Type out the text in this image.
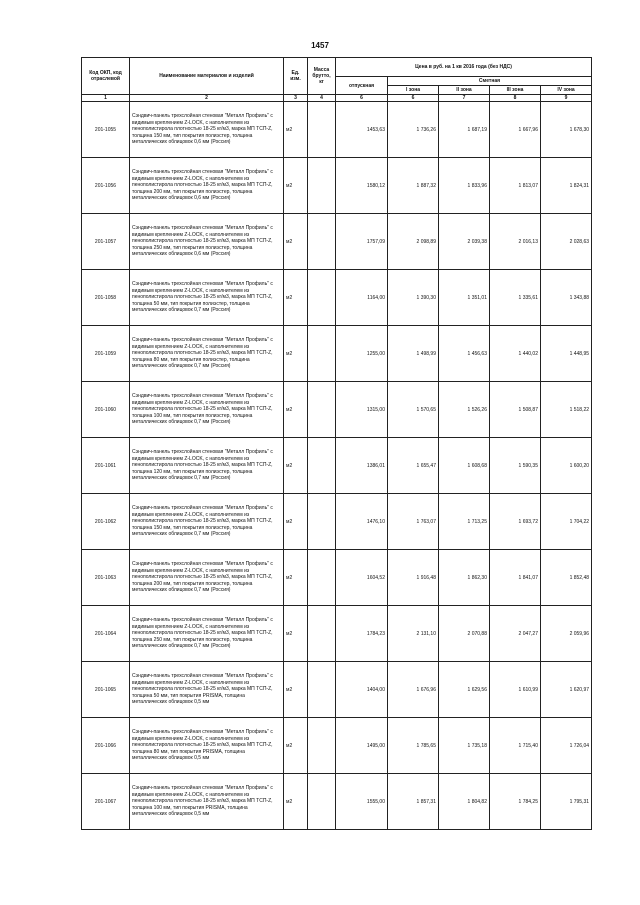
1457
Код ОКП, код отраслевой	Наименование материалов и изделий	Ед. изм.	Масса брутто, кг	Цена в руб. на 1 кв 2016 года (без НДС)				
				отпускная	Сметная			
					I зона	II зона	III зона	IV зона
1	2	3	4	6	6	7	8	9
201-1055	Сэндвич-панель трехслойная стеновая "Металл Профиль" с видимым креплением Z-LOCK, с наполнителем из пенополистирола плотностью 18-25 кг/м3, марка МП ТСП-Z, толщина 150 мм, тип покрытия полиэстер, толщина металлических облицовок 0,6 мм (Россия)	м2		1453,63	1 736,26	1 687,19	1 667,96	1 678,30
201-1056	Сэндвич-панель трехслойная стеновая "Металл Профиль" с видимым креплением Z-LOCK, с наполнителем из пенополистирола плотностью 18-25 кг/м3, марка МП ТСП-Z, толщина 200 мм, тип покрытия полиэстер, толщина металлических облицовок 0,6 мм (Россия)	м2		1580,12	1 887,32	1 833,96	1 813,07	1 824,31
201-1057	Сэндвич-панель трехслойная стеновая "Металл Профиль" с видимым креплением Z-LOCK, с наполнителем из пенополистирола плотностью 18-25 кг/м3, марка МП ТСП-Z, толщина 250 мм, тип покрытия полиэстер, толщина металлических облицовок 0,6 мм (Россия)	м2		1757,09	2 098,89	2 039,38	2 016,13	2 028,63
201-1058	Сэндвич-панель трехслойная стеновая "Металл Профиль" с видимым креплением Z-LOCK, с наполнителем из пенополистирола плотностью 18-25 кг/м3, марка МП ТСП-Z, толщина 50 мм, тип покрытия полиэстер, толщина металлических облицовок 0,7 мм (Россия)	м2		1164,00	1 390,30	1 351,01	1 335,61	1 343,88
201-1059	Сэндвич-панель трехслойная стеновая "Металл Профиль" с видимым креплением Z-LOCK, с наполнителем из пенополистирола плотностью 18-25 кг/м3, марка МП ТСП-Z, толщина 80 мм, тип покрытия полиэстер, толщина металлических облицовок 0,7 мм (Россия)	м2		1255,00	1 498,99	1 456,63	1 440,02	1 448,95
201-1060	Сэндвич-панель трехслойная стеновая "Металл Профиль" с видимым креплением Z-LOCK, с наполнителем из пенополистирола плотностью 18-25 кг/м3, марка МП ТСП-Z, толщина 100 мм, тип покрытия полиэстер, толщина металлических облицовок 0,7 мм (Россия)	м2		1315,00	1 570,65	1 526,26	1 508,87	1 518,22
201-1061	Сэндвич-панель трехслойная стеновая "Металл Профиль" с видимым креплением Z-LOCK, с наполнителем из пенополистирола плотностью 18-25 кг/м3, марка МП ТСП-Z, толщина 120 мм, тип покрытия полиэстер, толщина металлических облицовок 0,7 мм (Россия)	м2		1386,01	1 655,47	1 608,68	1 590,35	1 600,20
201-1062	Сэндвич-панель трехслойная стеновая "Металл Профиль" с видимым креплением Z-LOCK, с наполнителем из пенополистирола плотностью 18-25 кг/м3, марка МП ТСП-Z, толщина 150 мм, тип покрытия полиэстер, толщина металлических облицовок 0,7 мм (Россия)	м2		1476,10	1 763,07	1 713,25	1 693,72	1 704,22
201-1063	Сэндвич-панель трехслойная стеновая "Металл Профиль" с видимым креплением Z-LOCK, с наполнителем из пенополистирола плотностью 18-25 кг/м3, марка МП ТСП-Z, толщина 200 мм, тип покрытия полиэстер, толщина металлических облицовок 0,7 мм (Россия)	м2		1604,52	1 916,48	1 862,30	1 841,07	1 852,48
201-1064	Сэндвич-панель трехслойная стеновая "Металл Профиль" с видимым креплением Z-LOCK, с наполнителем из пенополистирола плотностью 18-25 кг/м3, марка МП ТСП-Z, толщина 250 мм, тип покрытия полиэстер, толщина металлических облицовок 0,7 мм (Россия)	м2		1784,23	2 131,10	2 070,88	2 047,27	2 059,96
201-1065	Сэндвич-панель трехслойная стеновая "Металл Профиль" с видимым креплением Z-LOCK, с наполнителем из пенополистирола плотностью 18-25 кг/м3, марка МП ТСП-Z, толщина 50 мм, тип покрытия PRISMA, толщина металлических облицовок 0,5 мм	м2		1404,00	1 676,96	1 629,56	1 610,99	1 620,97
201-1066	Сэндвич-панель трехслойная стеновая "Металл Профиль" с видимым креплением Z-LOCK, с наполнителем из пенополистирола плотностью 18-25 кг/м3, марка МП ТСП-Z, толщина 80 мм, тип покрытия PRISMA, толщина металлических облицовок 0,5 мм	м2		1495,00	1 785,65	1 735,18	1 715,40	1 726,04
201-1067	Сэндвич-панель трехслойная стеновая "Металл Профиль" с видимым креплением Z-LOCK, с наполнителем из пенополистирола плотностью 18-25 кг/м3, марка МП ТСП-Z, толщина 100 мм, тип покрытия PRISMA, толщина металлических облицовок 0,5 мм	м2		1555,00	1 857,31	1 804,82	1 784,25	1 795,31
